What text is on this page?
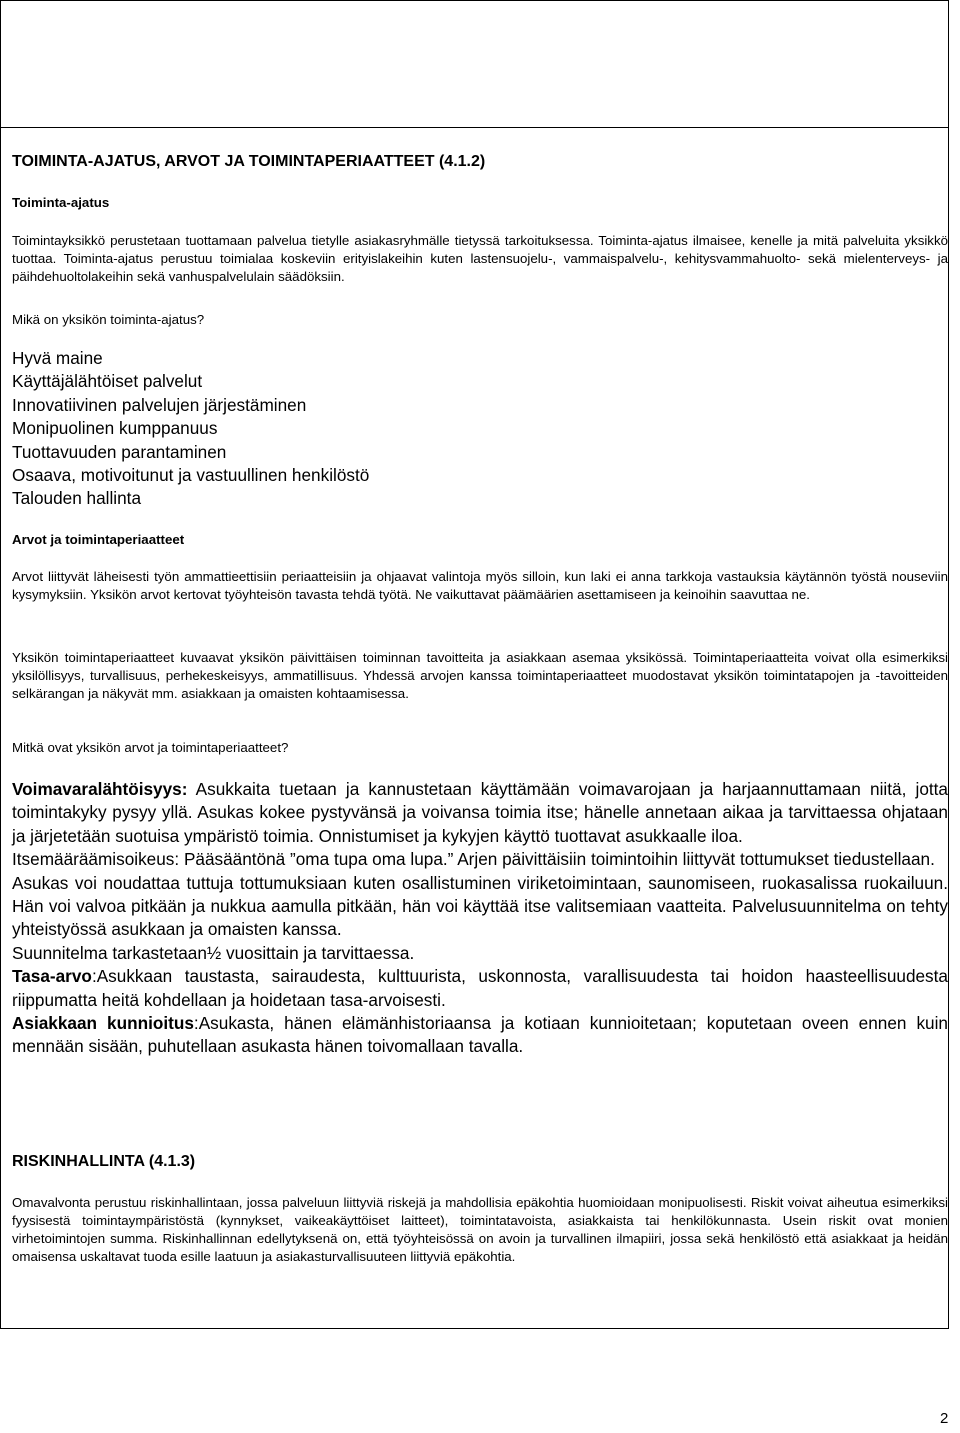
TOIMINTA-AJATUS, ARVOT JA TOIMINTAPERIAATTEET (4.1.2)
Toiminta-ajatus

Toimintayksikkö perustetaan tuottamaan palvelua tietylle asiakasryhmälle tietyssä tarkoituksessa. Toiminta-ajatus ilmaisee, kenelle ja mitä palveluita yksikkö tuottaa. Toiminta-ajatus perustuu toimialaa koskeviin erityislakeihin kuten lastensuojelu-, vammaispalvelu-, kehitysvammahuolto- sekä mielenterveys- ja päihdehuoltolakeihin sekä vanhuspalvelulain säädöksiin.

Mikä on yksikön toiminta-ajatus?
Hyvä maine
Käyttäjälähtöiset palvelut
Innovatiivinen palvelujen järjestäminen
Monipuolinen kumppanuus
Tuottavuuden parantaminen
Osaava, motivoitunut ja vastuullinen henkilöstö
Talouden hallinta
Arvot ja toimintaperiaatteet

Arvot liittyvät läheisesti työn ammattieettisiin periaatteisiin ja ohjaavat valintoja myös silloin, kun laki ei anna tarkkoja vastauksia käytännön työstä nouseviin kysymyksiin. Yksikön arvot kertovat työyhteisön tavasta tehdä työtä. Ne vaikuttavat päämäärien asettamiseen ja keinoihin saavuttaa ne.

Yksikön toimintaperiaatteet kuvaavat yksikön päivittäisen toiminnan tavoitteita ja asiakkaan asemaa yksikössä. Toimintaperiaatteita voivat olla esimerkiksi yksilöllisyys, turvallisuus, perhekeskeisyys, ammatillisuus. Yhdessä arvojen kanssa toimintaperiaatteet muodostavat yksikön toimintatapojen ja -tavoitteiden selkärangan ja näkyvät mm. asiakkaan ja omaisten kohtaamisessa.

Mitkä ovat yksikön arvot ja toimintaperiaatteet?

Voimavaralähtöisyys: Asukkaita tuetaan ja kannustetaan käyttämään voimavarojaan ja harjaannuttamaan niitä, jotta toimintakyky pysyy yllä. Asukas kokee pystyvänsä ja voivansa toimia itse; hänelle annetaan aikaa ja tarvittaessa ohjataan ja järjetetään suotuisa ympäristö toimia. Onnistumiset ja kykyjen käyttö tuottavat asukkaalle iloa.

Itsemääräämisoikeus: Pääsääntönä ”oma tupa oma lupa.” Arjen päivittäisiin toimintoihin liittyvät tottumukset tiedustellaan.

Asukas voi noudattaa tuttuja tottumuksiaan kuten osallistuminen viriketoimintaan, saunomiseen, ruokasalissa ruokailuun. Hän voi valvoa pitkään ja nukkua aamulla pitkään, hän voi käyttää itse valitsemiaan vaatteita. Palvelusuunnitelma on tehty yhteistyössä asukkaan ja omaisten kanssa.

Suunnitelma tarkastetaan½ vuosittain ja tarvittaessa.

Tasa-arvo:Asukkaan taustasta, sairaudesta, kulttuurista, uskonnosta, varallisuudesta tai hoidon haasteellisuudesta riippumatta heitä kohdellaan ja hoidetaan tasa-arvoisesti.

Asiakkaan kunnioitus:Asukasta, hänen elämänhistoriaansa ja kotiaan kunnioitetaan; koputetaan oveen ennen kuin mennään sisään, puhutellaan asukasta hänen toivomallaan tavalla.

RISKINHALLINTA (4.1.3)

Omavalvonta perustuu riskinhallintaan, jossa palveluun liittyviä riskejä ja mahdollisia epäkohtia huomioidaan monipuolisesti. Riskit voivat aiheutua esimerkiksi fyysisestä toimintaympäristöstä (kynnykset, vaikeakäyttöiset laitteet), toimintatavoista, asiakkaista tai henkilökunnasta. Usein riskit ovat monien virhetoimintojen summa. Riskinhallinnan edellytyksenä on, että työyhteisössä on avoin ja turvallinen ilmapiiri, jossa sekä henkilöstö että asiakkaat ja heidän omaisensa uskaltavat tuoda esille laatuun ja asiakasturvallisuuteen liittyviä epäkohtia.

2
